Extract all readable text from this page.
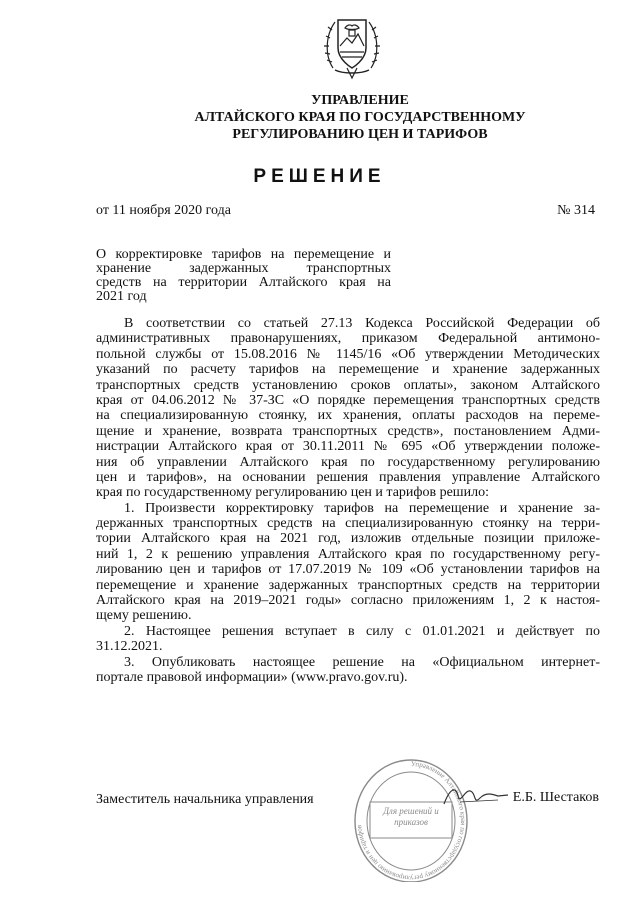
УПРАВЛЕНИЕ
АЛТАЙСКОГО КРАЯ ПО ГОСУДАРСТВЕННОМУ
РЕГУЛИРОВАНИЮ ЦЕН И ТАРИФОВ
РЕШЕНИЕ
от 11 ноября 2020 года	№ 314
О корректировке тарифов на перемещение и
хранение задержанных транспортных
средств на территории Алтайского края на
2021 год
В соответствии со статьей 27.13 Кодекса Российской Федерации об
административных правонарушениях, приказом Федеральной антимоно-
польной службы от 15.08.2016 № 1145/16 «Об утверждении Методических
указаний по расчету тарифов на перемещение и хранение задержанных
транспортных средств установлению сроков оплаты», законом Алтайского
края от 04.06.2012 № 37-ЗС «О порядке перемещения транспортных средств
на специализированную стоянку, их хранения, оплаты расходов на переме-
щение и хранение, возврата транспортных средств», постановлением Адми-
нистрации Алтайского края от 30.11.2011 № 695 «Об утверждении положе-
ния об управлении Алтайского края по государственному регулированию
цен и тарифов», на основании решения правления управление Алтайского
края по государственному регулированию цен и тарифов решило:
1. Произвести корректировку тарифов на перемещение и хранение за-
держанных транспортных средств на специализированную стоянку на терри-
тории Алтайского края на 2021 год, изложив отдельные позиции приложе-
ний 1, 2 к решению управления Алтайского края по государственному регу-
лированию цен и тарифов от 17.07.2019 № 109 «Об установлении тарифов на
перемещение и хранение задержанных транспортных средств на территории
Алтайского края на 2019–2021 годы» согласно приложениям 1, 2 к настоя-
щему решению.
2. Настоящее решения вступает в силу с 01.01.2021 и действует по
31.12.2021.
3. Опубликовать настоящее решение на «Официальном интернет-
портале правовой информации» (www.pravo.gov.ru).
Управление Алтайского края по государственному регулированию цен и тарифов
Для решений и приказов
Заместитель начальника управления	Е.Б. Шестаков
